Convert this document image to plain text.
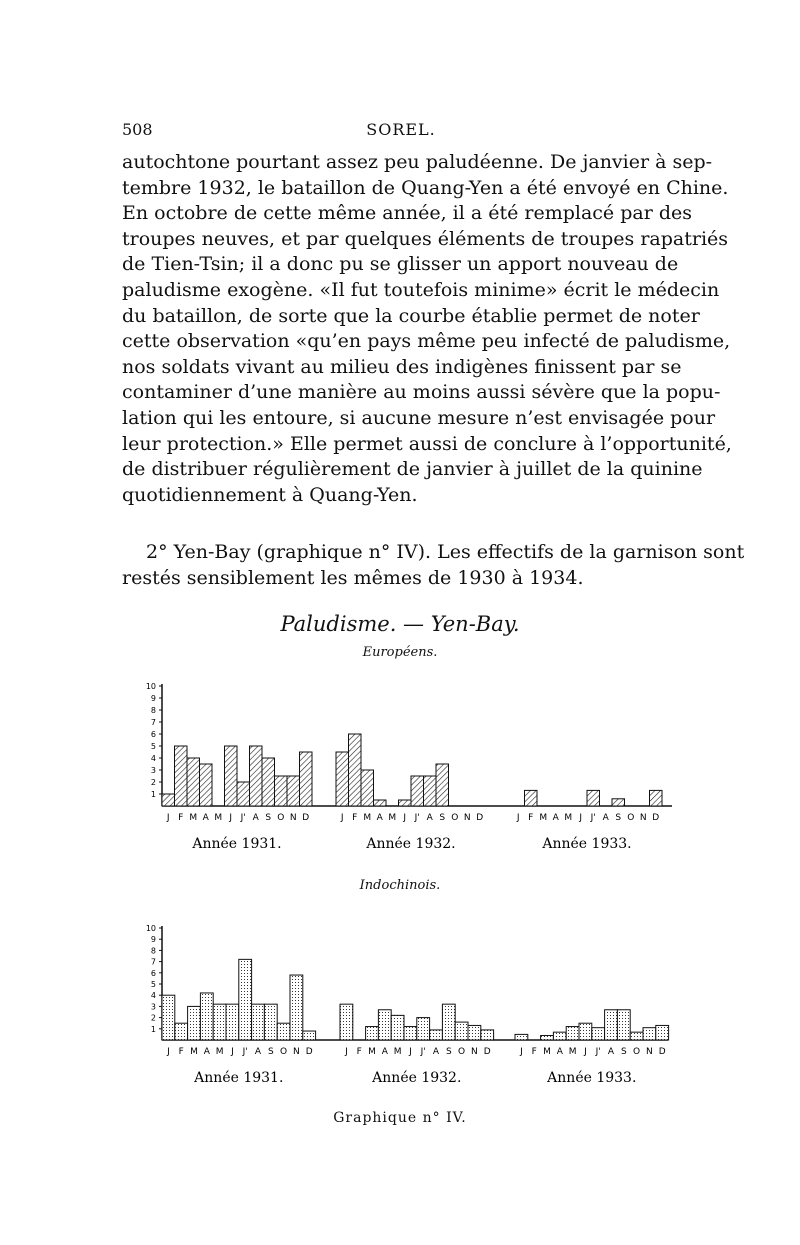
508	SOREL.
autochtone pourtant assez peu paludéenne. De janvier à sep-
tembre 1932, le bataillon de Quang-Yen a été envoyé en Chine.
En octobre de cette même année, il a été remplacé par des
troupes neuves, et par quelques éléments de troupes rapatriés
de Tien-Tsin; il a donc pu se glisser un apport nouveau de
paludisme exogène. «Il fut toutefois minime» écrit le médecin
du bataillon, de sorte que la courbe établie permet de noter
cette observation «qu’en pays même peu infecté de paludisme,
nos soldats vivant au milieu des indigènes finissent par se
contaminer d’une manière au moins aussi sévère que la popu-
lation qui les entoure, si aucune mesure n’est envisagée pour
leur protection.» Elle permet aussi de conclure à l’opportunité,
de distribuer régulièrement de janvier à juillet de la quinine
quotidiennement à Quang-Yen.
2° Yen-Bay (graphique n° IV). Les effectifs de la garnison sont
restés sensiblement les mêmes de 1930 à 1934.
Paludisme. — Yen-Bay.
Européens.
Indochinois.
10
9
8
7
6
5
4
3
2
1
J F M A M J J' A S O N D
Année 1931.
J F M A M J J' A S O N D
Année 1932.
J F M A M J J' A S O N D
Année 1933.
10
9
8
7
6
5
4
3
2
1
J F M A M J J' A S O N D
Année 1931.
J F M A M J J' A S O N D
Année 1932.
J F M A M J J' A S O N D
Année 1933.
Graphique n° IV.
